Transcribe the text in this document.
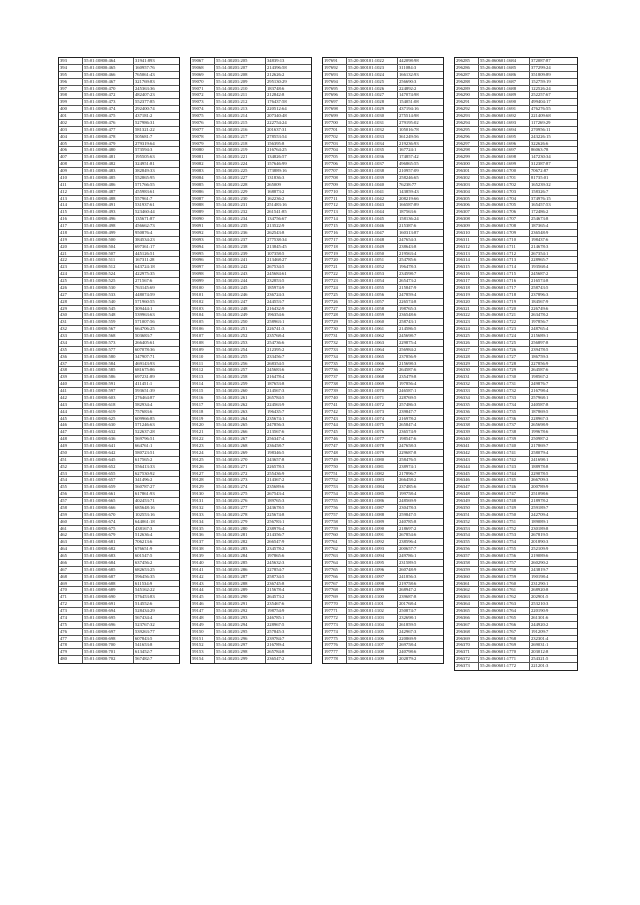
393	55:01:10800:464	31941:893
394	55:01:10800:465	160957:76
395	55:01:10800:466	765061:43
396	55:01:10800:467	321769:83
397	55:01:10800:470	245363:36
398	55:01:10800:472	482407:23
399	55:01:10800:473	552377:85
400	55:01:10800:474	292400:74
401	55:01:10800:475	437181:2
402	55:01:10800:476	527986:31
403	55:01:10800:477	581321:22
404	55:01:10800:478	505681:7
405	55:01:10800:479	279319:64
406	55:01:10800:480	573594:3
407	55:01:10800:481	195505:63
408	55:01:10800:482	324951:81
409	55:01:10800:483	382849:33
410	55:01:10800:485	552865:95
411	55:01:10800:486	571766:55
412	55:01:10800:487	455983:61
413	55:01:10800:488	557961:7
414	55:01:10800:491	531937:61
415	55:01:10800:493	523460:44
416	55:01:10800:496	135671:87
417	55:01:10800:498	456662:73
418	55:01:10800:499	950876:4
419	55:01:10800:500	384534:23
420	55:01:10800:504	697361:17
421	55:01:10800:507	445126:51
422	55:01:10800:511	167311:28
423	55:01:10800:512	643724:18
424	55:01:10800:524	422975:35
425	55:01:10800:525	271567:6
426	55:01:10800:530	763145:69
427	55:01:10800:533	448074:59
428	55:01:10800:540	571960:55
429	55:01:10800:545	309444:1
430	55:01:10800:548	539963:63
431	55:01:10800:559	571007:56
432	55:01:10800:567	664706:25
433	55:01:10800:568	503683:7
434	55:01:10800:573	266405:61
435	55:01:10800:577	607078:36
436	55:01:10800:580	347907:71
437	55:01:10800:584	469143:93
438	55:01:10800:585	681675:86
439	55:01:10800:586	697231:89
440	55:01:10800:591	411451:1
441	55:01:10800:597	593651:39
442	55:01:10800:603	276464:87
443	55:01:10800:618	582934:4
444	55:01:10800:619	757683:6
445	55:01:10800:625	609966:85
446	55:01:10800:630	571246:63
447	55:01:10800:632	522637:28
448	55:01:10800:636	569796:51
449	55:01:10800:641	664761:1
450	55:01:10800:642	580723:51
451	55:01:10800:645	617565:2
452	55:01:10800:652	556413:33
453	55:01:10800:655	627530:92
454	55:01:10800:657	341496:2
455	55:01:10800:659	560787:27
456	55:01:10800:661	617861:93
457	55:01:10800:665	402453:71
458	55:01:10800:666	685648:16
459	55:01:10800:670	102553:16
460	55:01:10800:674	644061:18
461	55:01:10800:675	438167:3
462	55:01:10800:679	512636:4
463	55:01:10800:681	706213:6
464	55:01:10800:682	676651:9
465	55:01:10800:683	601547:5
466	55:01:10800:684	637456:2
467	55:01:10800:685	682653:25
468	55:01:10800:687	596456:35
469	55:01:10800:688	611534:9
470	55:01:10800:689	545162:22
471	55:01:10800:690	576453:83
472	55:01:10800:691	514552:6
473	55:01:10800:694	528434:29
474	55:01:10800:695	567434:4
475	55:01:10800:696	523767:32
476	55:01:10800:697	539263:77
477	55:01:10800:698	607843:5
478	55:01:10800:700	541653:8
479	55:01:10800:701	613452:7
480	55:01:10800:702	567482:7
59067	55:14:30201:205	34839:13
59068	55:14:30201:207	214396:58
59069	55:14:30201:208	212626:2
59070	55:14:30201:209	295130:29
59071	55:14:30201:210	183748:6
59072	55:14:30201:211	212842:8
59073	55:14:30201:212	176437:58
59074	55:14:30201:213	220512:64
59075	55:14:30201:214	207340:48
59076	55:14:30201:215	222754:24
59077	55:14:30201:216	201637:31
59078	55:14:30201:217	278553:54
59079	55:14:30201:218	156395:8
59080	55:14:30201:219	216764:25
59081	55:14:30201:221	134826:57
59082	55:14:30201:224	157646:99
59083	55:14:30201:225	173889:16
59084	55:14:30201:227	131836:3
59085	55:14:30201:228	265009
59086	55:14:30201:229	168873:2
59087	55:14:30201:230	162236:2
59088	55:14:30201:231	251483:16
59089	55:14:30201:232	261541:85
59090	55:14:30201:234	134756:67
59091	55:14:30201:235	213522:9
59092	55:14:30201:236	262543:8
59093	55:14:30201:237	277538:34
59094	55:14:30201:238	213845:45
59095	55:14:30201:239	107358:5
59096	55:14:30201:241	213468:27
59097	55:14:30201:242	267534:5
59098	55:14:30201:243	245684:61
59099	55:14:30201:244	232853:5
59100	55:14:30201:245	185974:9
59101	55:14:30201:246	236724:3
59102	55:14:30201:247	244553:7
59103	55:14:30201:248	216432:9
59104	55:14:30201:249	196354:6
59105	55:14:30201:250	258963:1
59106	55:14:30201:251	226741:3
59107	55:14:30201:252	235768:4
59108	55:14:30201:253	254736:6
59109	55:14:30201:254	212395:2
59110	55:14:30201:255	233456:7
59111	55:14:30201:256	268354:5
59112	55:14:30201:257	245683:6
59113	55:14:30201:258	216478:4
59114	55:14:30201:259	187653:8
59115	55:14:30201:260	214567:3
59116	55:14:30201:261	265784:5
59117	55:14:30201:262	224563:9
59118	55:14:30201:263	196435:7
59119	55:14:30201:264	235674:1
59120	55:14:30201:265	247856:3
59121	55:14:30201:266	213567:6
59122	55:14:30201:267	256347:4
59123	55:14:30201:268	236458:7
59124	55:14:30201:269	198346:5
59125	55:14:30201:270	243657:8
59126	55:14:30201:271	226578:3
59127	55:14:30201:272	255436:9
59128	55:14:30201:273	214367:2
59129	55:14:30201:274	235689:6
59130	55:14:30201:275	267543:4
59131	55:14:30201:276	189765:3
59132	55:14:30201:277	243678:5
59133	55:14:30201:278	225674:8
59134	55:14:30201:279	256783:1
59135	55:14:30201:280	238976:4
59136	55:14:30201:281	214356:7
59137	55:14:30201:282	266547:9
59138	55:14:30201:283	234578:2
59139	55:14:30201:284	197865:6
59140	55:14:30201:285	245632:3
59141	55:14:30201:286	227854:7
59142	55:14:30201:287	258734:5
59143	55:14:30201:288	236745:8
59144	55:14:30201:289	215678:4
59145	55:14:30201:290	264573:2
59146	55:14:30201:291	235467:6
59147	55:14:30201:292	198754:9
59148	55:14:30201:293	246785:1
59149	55:14:30201:294	228967:5
59150	55:14:30201:295	257845:3
59151	55:14:30201:296	239784:7
59152	55:14:30201:297	216789:4
59153	55:14:30201:298	265784:8
59154	55:14:30201:299	236547:2
197691	55:20:300101:1022	442098:98
197692	55:20:300101:1023	311084:3
197693	55:20:300101:1024	166132:93
197694	55:20:300101:1025	256690:3
197695	55:20:300101:1026	224892:2
197696	55:20:300101:1027	147074:98
197697	55:20:300101:1028	154051:08
197698	55:20:300101:1029	437194:16
197699	55:20:300101:1030	275514:98
197700	55:20:300101:1031	279195:02
197701	55:20:300101:1032	105016:78
197702	55:20:300101:1033	361249:56
197703	55:20:300101:1034	219236:93
197704	55:20:300101:1035	167724:1
197705	55:20:300101:1036	174857:42
197706	55:20:300101:1037	496865:55
197707	55:20:300101:1038	210957:09
197708	55:20:300101:1039	258246:65
197709	55:20:300101:1040	76238:77
197710	55:20:300101:1041	143859:43
197711	55:20:300101:1042	208219:66
197712	55:20:300101:1043	166587:89
197713	55:20:300101:1044	187563:6
197714	55:20:300101:1045	158136:24
197715	55:20:300101:1046	215387:6
197716	55:20:300101:1047	160313:87
197717	55:20:300101:1048	247654:3
197718	55:20:300101:1049	238643:8
197719	55:20:300101:1050	219563:4
197720	55:20:300101:1051	254785:6
197721	55:20:300101:1052	196478:3
197722	55:20:300101:1053	234598:7
197723	55:20:300101:1054	265473:2
197724	55:20:300101:1055	215847:9
197725	55:20:300101:1056	247859:4
197726	55:20:300101:1057	226574:8
197727	55:20:300101:1058	198765:3
197728	55:20:300101:1059	236548:6
197729	55:20:300101:1060	258743:1
197730	55:20:300101:1061	214586:5
197731	55:20:300101:1062	245698:7
197732	55:20:300101:1063	229875:4
197733	55:20:300101:1064	256984:2
197734	55:20:300101:1065	237856:9
197735	55:20:300101:1066	215698:3
197736	55:20:300101:1067	264587:6
197737	55:20:300101:1068	235479:8
197738	55:20:300101:1069	197856:4
197739	55:20:300101:1070	246587:1
197740	55:20:300101:1071	228769:5
197741	55:20:300101:1072	257486:3
197742	55:20:300101:1073	239847:7
197743	55:20:300101:1074	216978:2
197744	55:20:300101:1075	265847:4
197745	55:20:300101:1076	236574:9
197746	55:20:300101:1077	198547:6
197747	55:20:300101:1078	247658:3
197748	55:20:300101:1079	229687:8
197749	55:20:300101:1080	258476:5
197750	55:20:300101:1081	238974:1
197751	55:20:300101:1082	217896:7
197752	55:20:300101:1083	266458:2
197753	55:20:300101:1084	237485:6
197754	55:20:300101:1085	199758:4
197755	55:20:300101:1086	248569:9
197756	55:20:300101:1087	230478:3
197757	55:20:300101:1088	259847:5
197758	55:20:300101:1089	240785:8
197759	55:20:300101:1090	218697:2
197760	55:20:300101:1091	267854:6
197761	55:20:300101:1092	238596:4
197762	55:20:300101:1093	200657:7
197763	55:20:300101:1094	249786:1
197764	55:20:300101:1095	231589:5
197765	55:20:300101:1096	260748:9
197766	55:20:300101:1097	241856:3
197767	55:20:300101:1098	219758:6
197768	55:20:300101:1099	268947:2
197769	55:20:300101:1100	239687:8
197770	55:20:300101:1101	201768:4
197771	55:20:300101:1102	250874:7
197772	55:20:300101:1103	232698:1
197773	55:20:300101:1104	261859:5
197774	55:20:300101:1105	242967:3
197775	55:20:300101:1106	220869:9
197776	55:20:300101:1107	269758:4
197777	55:20:300101:1108	240798:6
197778	55:20:300101:1109	202879:2
296285	55:26:060601:1684	372087:87
296286	55:26:060601:1685	377299:24
296287	55:26:060601:1686	351809:89
296288	55:26:060601:1687	152759:19
296289	55:26:060601:1688	122526:24
296290	55:26:060601:1689	252257:67
296291	55:26:060601:1690	499404:17
296292	55:26:060601:1691	476276:55
296293	55:26:060601:1692	221409:68
296294	55:26:060601:1693	117269:29
296295	55:26:060601:1694	270956:11
296296	55:26:060601:1695	243226:15
296297	55:26:060601:1696	322626:6
296298	55:26:060601:1697	86063:78
296299	55:26:060601:1698	147230:34
296300	55:26:060601:1699	312387:87
296301	55:26:060601:1700	70672:87
296302	55:26:060601:1701	81735:01
296303	55:26:060601:1702	165239:32
296304	55:26:060601:1703	158326:7
296305	55:26:060601:1704	374976:15
296306	55:26:060601:1705	165457:53
296307	55:26:060601:1706	172486:2
296308	55:26:060601:1707	254673:8
296309	55:26:060601:1708	187365:4
296310	55:26:060601:1709	236548:9
296311	55:26:060601:1710	198437:6
296312	55:26:060601:1711	214678:3
296313	55:26:060601:1712	267354:1
296314	55:26:060601:1713	228965:7
296315	55:26:060601:1714	193568:4
296316	55:26:060601:1715	245687:2
296317	55:26:060601:1716	216574:8
296318	55:26:060601:1717	258743:5
296319	55:26:060601:1718	237896:3
296320	55:26:060601:1719	184567:9
296321	55:26:060601:1720	226749:6
296322	55:26:060601:1721	263478:2
296323	55:26:060601:1722	197856:7
296324	55:26:060601:1723	248765:4
296325	55:26:060601:1724	215689:1
296326	55:26:060601:1725	256897:8
296327	55:26:060601:1726	239478:5
296328	55:26:060601:1727	186759:3
296329	55:26:060601:1728	227856:9
296330	55:26:060601:1729	264587:6
296331	55:26:060601:1730	198567:2
296332	55:26:060601:1731	249876:7
296333	55:26:060601:1732	216798:4
296334	55:26:060601:1733	257968:1
296335	55:26:060601:1734	240587:8
296336	55:26:060601:1735	187869:5
296337	55:26:060601:1736	228967:3
296338	55:26:060601:1737	265698:9
296339	55:26:060601:1738	199678:6
296340	55:26:060601:1739	250987:2
296341	55:26:060601:1740	217869:7
296342	55:26:060601:1741	258079:4
296343	55:26:060601:1742	241698:1
296344	55:26:060601:1743	188978:8
296345	55:26:060601:1744	229078:5
296346	55:26:060601:1745	266709:3
296347	55:26:060601:1746	200789:9
296348	55:26:060601:1747	251098:6
296349	55:26:060601:1748	218978:2
296350	55:26:060601:1749	259189:7
296351	55:26:060601:1750	242709:4
296352	55:26:060601:1751	189089:1
296353	55:26:060601:1752	230189:8
296354	55:26:060601:1753	267819:5
296355	55:26:060601:1754	201890:3
296356	55:26:060601:1755	252109:9
296357	55:26:060601:1756	219089:6
296358	55:26:060601:1757	260290:2
296359	55:26:060601:1758	243819:7
296360	55:26:060601:1759	190198:4
296361	55:26:060601:1760	231290:1
296362	55:26:060601:1761	268920:8
296363	55:26:060601:1762	202901:5
296364	55:26:060601:1763	253210:3
296365	55:26:060601:1764	220190:9
296366	55:26:060601:1765	261301:6
296367	55:26:060601:1766	244920:2
296368	55:26:060601:1767	191209:7
296369	55:26:060601:1768	232301:4
296370	55:26:060601:1769	269031:1
296371	55:26:060601:1770	203012:8
296372	55:26:060601:1771	254321:5
296373	55:26:060601:1772	221201:3
